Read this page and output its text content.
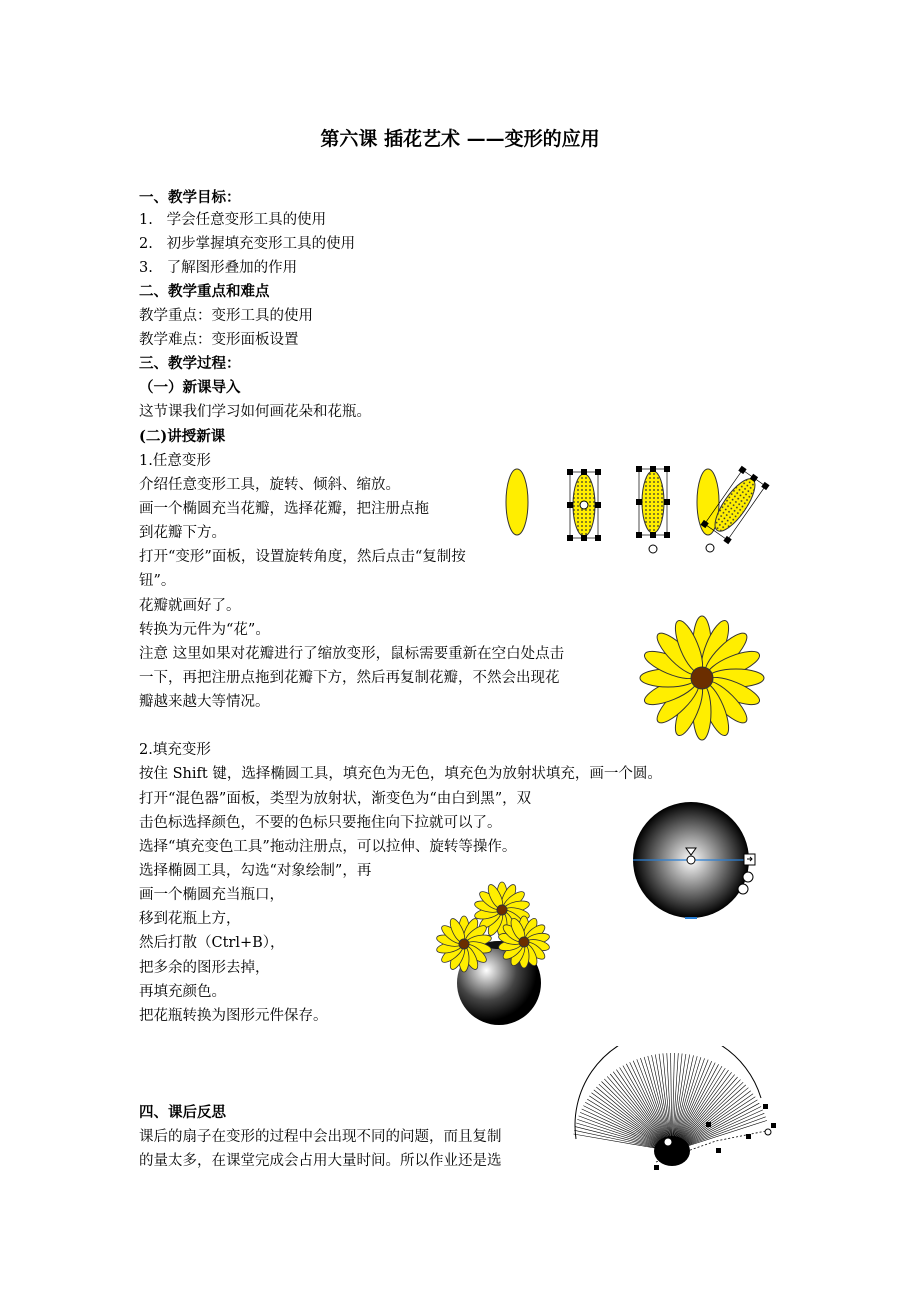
第六课 插花艺术 ——变形的应用
一、教学目标：
1. 学会任意变形工具的使用
2. 初步掌握填充变形工具的使用
3. 了解图形叠加的作用
二、教学重点和难点
教学重点：变形工具的使用
教学难点：变形面板设置
三、教学过程：
（一）新课导入
这节课我们学习如何画花朵和花瓶。
(二)讲授新课
1.任意变形
介绍任意变形工具，旋转、倾斜、缩放。
画一个椭圆充当花瓣，选择花瓣，把注册点拖
到花瓣下方。
打开“变形”面板，设置旋转角度，然后点击“复制按
钮”。
花瓣就画好了。
转换为元件为“花”。
注意 这里如果对花瓣进行了缩放变形，鼠标需要重新在空白处点击
一下，再把注册点拖到花瓣下方，然后再复制花瓣，不然会出现花
瓣越来越大等情况。
2.填充变形
按住 Shift 键，选择椭圆工具，填充色为无色，填充色为放射状填充，画一个圆。
打开“混色器”面板，类型为放射状，渐变色为“由白到黑”，双
击色标选择颜色，不要的色标只要拖住向下拉就可以了。
选择“填充变色工具”拖动注册点，可以拉伸、旋转等操作。
选择椭圆工具，勾选“对象绘制”，再
画一个椭圆充当瓶口，
移到花瓶上方，
然后打散（Ctrl+B），
把多余的图形去掉，
再填充颜色。
把花瓶转换为图形元件保存。
四、课后反思
课后的扇子在变形的过程中会出现不同的问题，而且复制
的量太多，在课堂完成会占用大量时间。所以作业还是选
